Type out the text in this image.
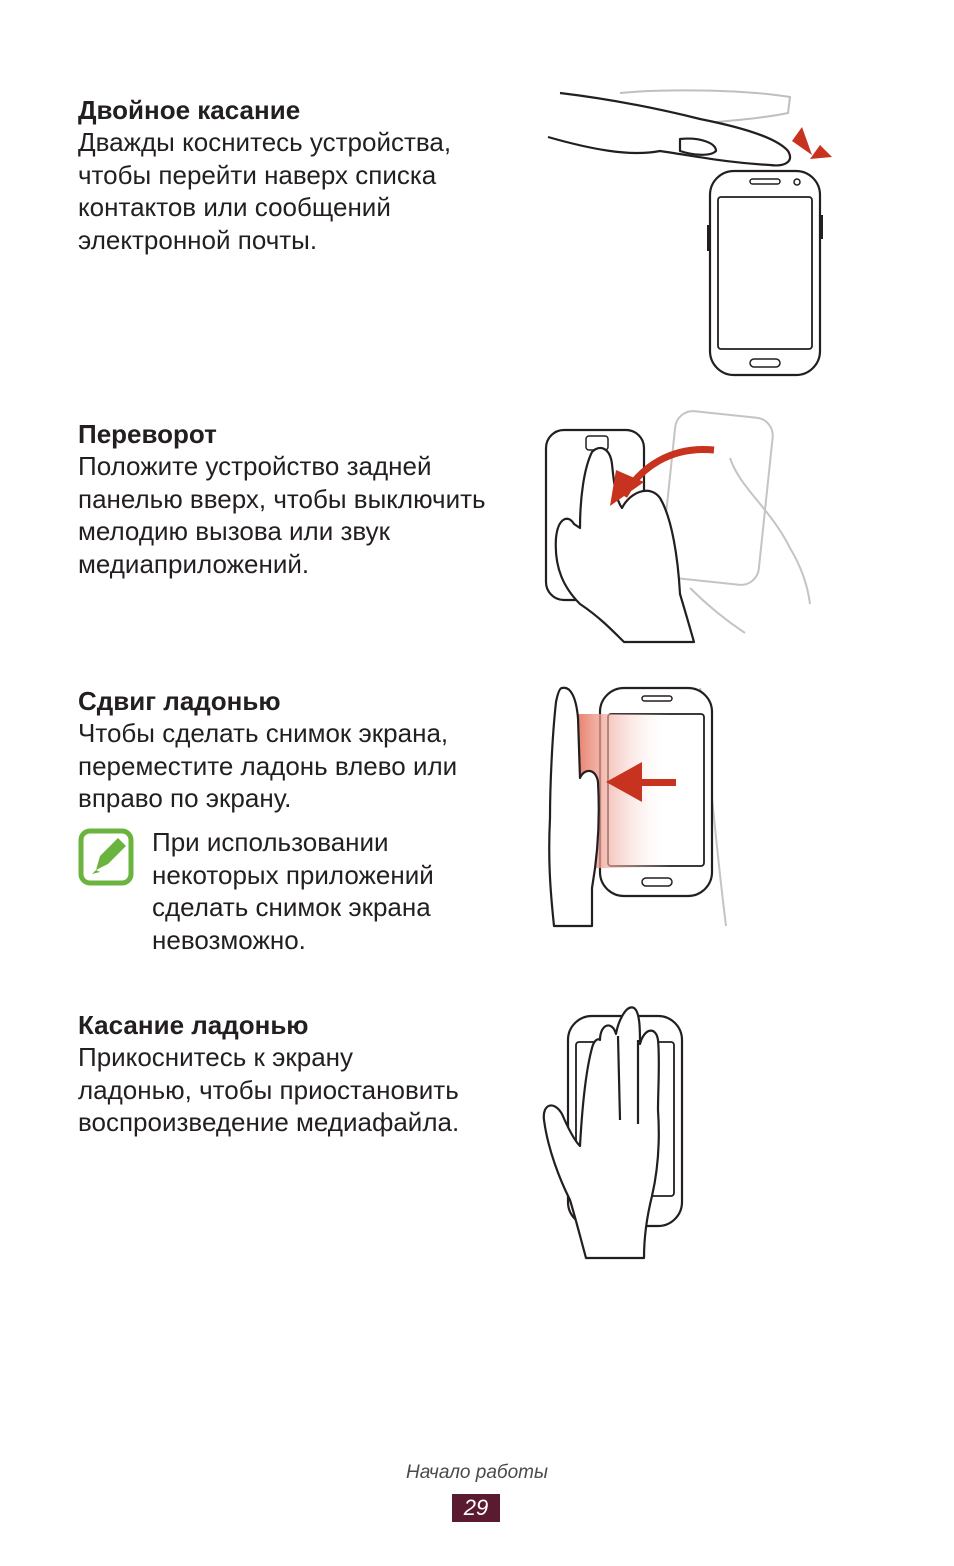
Двойное касание

Дважды коснитесь устройства,

чтобы перейти наверх списка

контактов или сообщений

электронной почты.

Переворот

Положите устройство задней

панелью вверх, чтобы выключить

мелодию вызова или звук

медиаприложений.

Сдвиг ладонью

Чтобы сделать снимок экрана,

переместите ладонь влево или

вправо по экрану.

При использовании
некоторых приложений
сделать снимок экрана
невозможно.

Касание ладонью

Прикоснитесь к экрану

ладонью, чтобы приостановить

воспроизведение медиафайла.

Начало работы
29
